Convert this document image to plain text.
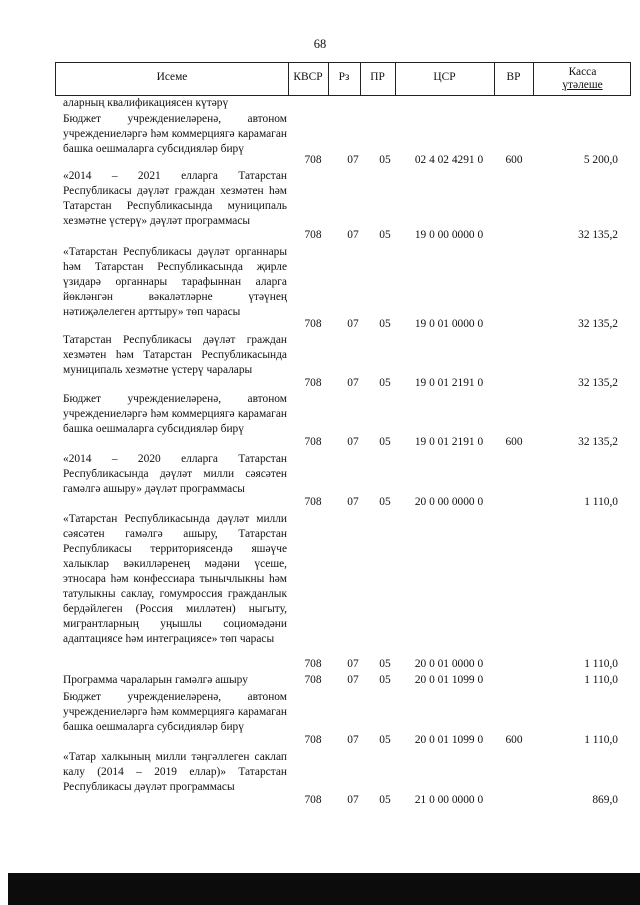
68
Исеме	КВСР	Рз	ПР	ЦСР	ВР	Касса
үтәлеше
аларның квалификациясен күтәрү
Бюджет учреждениеләренә, автоном учреждениеләргә һәм коммерциягә карамаган башка оешмаларга субсидияләр бирү
708	07	05	02 4 02 4291 0	600	5 200,0
«2014 – 2021 елларга Татарстан Республикасы дәүләт граждан хезмәтен һәм Татарстан Республикасында муниципаль хезмәтне үстерү» дәүләт программасы
708	07	05	19 0 00 0000 0	32 135,2
«Татарстан Республикасы дәүләт органнары һәм Татарстан Республикасында җирле үзидарә органнары тарафыннан аларга йөкләнгән вәкаләтләрне үтәүнең нәтиҗәлелеген арттыру» төп чарасы
708	07	05	19 0 01 0000 0	32 135,2
Татарстан Республикасы дәүләт граждан хезмәтен һәм Татарстан Республикасында муниципаль хезмәтне үстерү чаралары
708	07	05	19 0 01 2191 0	32 135,2
Бюджет учреждениеләренә, автоном учреждениеләргә һәм коммерциягә карамаган башка оешмаларга субсидияләр бирү
708	07	05	19 0 01 2191 0	600	32 135,2
«2014 – 2020 елларга Татарстан Республикасында дәүләт милли сәясәтен гамәлгә ашыру» дәүләт программасы
708	07	05	20 0 00 0000 0	1 110,0
«Татарстан Республикасында дәүләт милли сәясәтен гамәлгә ашыру, Татарстан Республикасы территориясендә яшәүче халыклар вәкилләренең мәдәни үсеше, этносара һәм конфессиара тынычлыкны һәм татулыкны саклау, гомумроссия гражданлык бердәйлеген (Россия милләтен) ныгыту, мигрантларның уңышлы социомәдәни адаптациясе һәм интеграциясе» төп чарасы
708	07	05	20 0 01 0000 0	1 110,0
Программа чараларын гамәлгә ашыру	708	07	05	20 0 01 1099 0	1 110,0
Бюджет учреждениеләренә, автоном учреждениеләргә һәм коммерциягә карамаган башка оешмаларга субсидияләр бирү
708	07	05	20 0 01 1099 0	600	1 110,0
«Татар халкының милли тәңгәллеген саклап калу (2014 – 2019 еллар)» Татарстан Республикасы дәүләт программасы
708	07	05	21 0 00 0000 0	869,0
